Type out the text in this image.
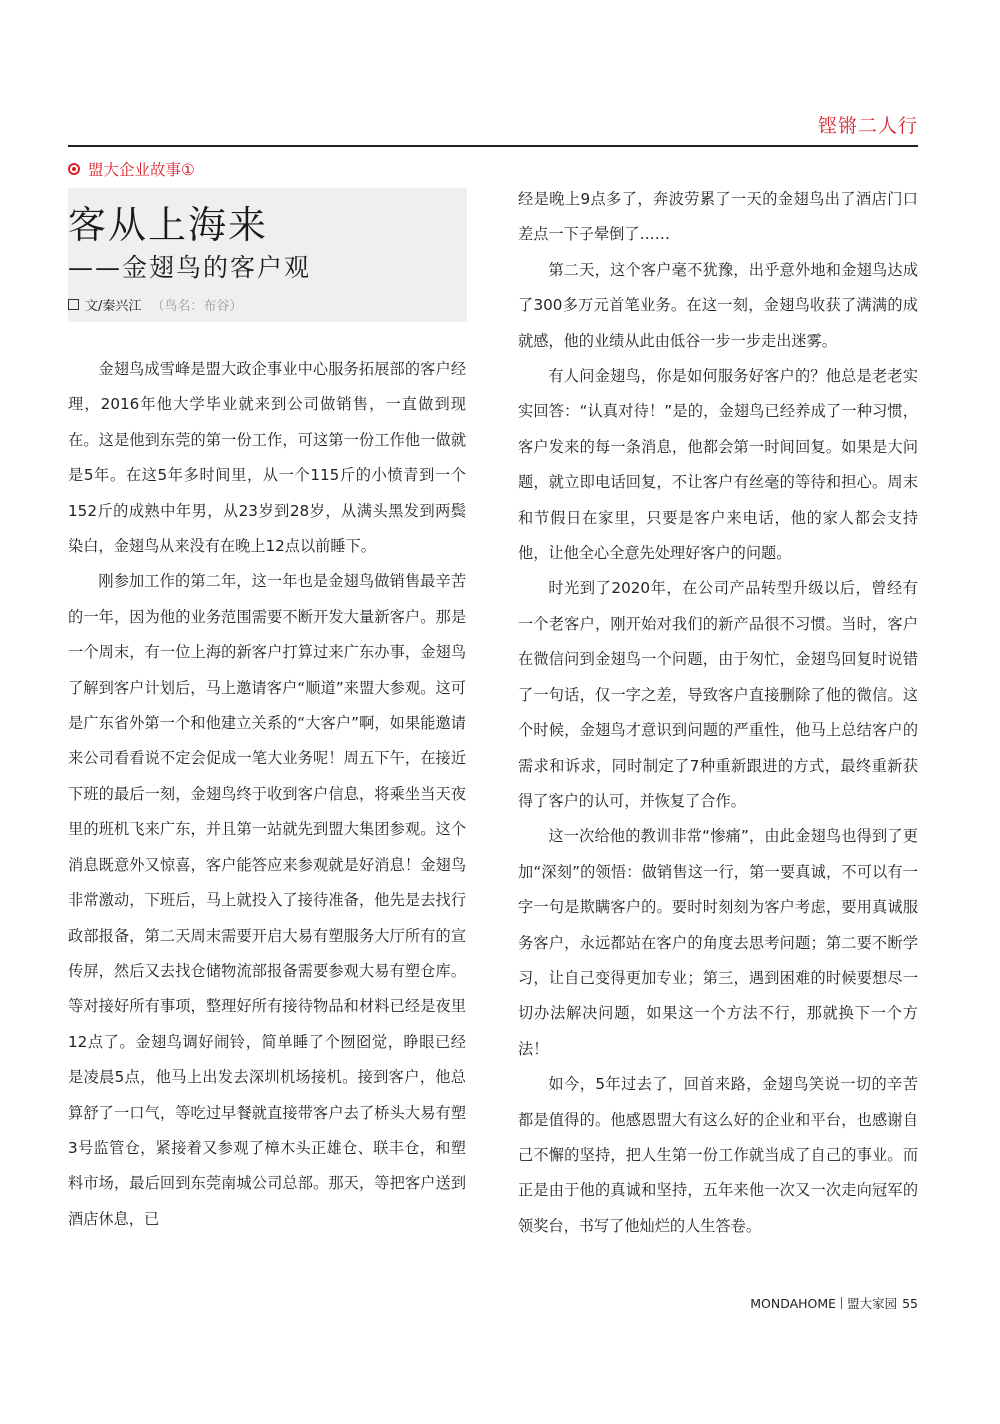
铿锵二人行
盟大企业故事①
客从上海来
——金翅鸟的客户观
文/秦兴江 （鸟名：布谷）

金翅鸟成雪峰是盟大政企事业中心服务拓展部的客户经理，2016年他大学毕业就来到公司做销售，一直做到现在。这是他到东莞的第一份工作，可这第一份工作他一做就是5年。在这5年多时间里，从一个115斤的小愤青到一个152斤的成熟中年男，从23岁到28岁，从满头黑发到两鬓染白，金翅鸟从来没有在晚上12点以前睡下。

刚参加工作的第二年，这一年也是金翅鸟做销售最辛苦的一年，因为他的业务范围需要不断开发大量新客户。那是一个周末，有一位上海的新客户打算过来广东办事，金翅鸟了解到客户计划后，马上邀请客户“顺道”来盟大参观。这可是广东省外第一个和他建立关系的“大客户”啊，如果能邀请来公司看看说不定会促成一笔大业务呢！周五下午，在接近下班的最后一刻，金翅鸟终于收到客户信息，将乘坐当天夜里的班机飞来广东，并且第一站就先到盟大集团参观。这个消息既意外又惊喜，客户能答应来参观就是好消息！金翅鸟非常激动，下班后，马上就投入了接待准备，他先是去找行政部报备，第二天周末需要开启大易有塑服务大厅所有的宣传屏，然后又去找仓储物流部报备需要参观大易有塑仓库。等对接好所有事项，整理好所有接待物品和材料已经是夜里12点了。金翅鸟调好闹铃，简单睡了个囫囵觉，睁眼已经是凌晨5点，他马上出发去深圳机场接机。接到客户，他总算舒了一口气，等吃过早餐就直接带客户去了桥头大易有塑3号监管仓，紧接着又参观了樟木头正雄仓、联丰仓，和塑料市场，最后回到东莞南城公司总部。那天，等把客户送到酒店休息，已

经是晚上9点多了，奔波劳累了一天的金翅鸟出了酒店门口差点一下子晕倒了……

第二天，这个客户毫不犹豫，出乎意外地和金翅鸟达成了300多万元首笔业务。在这一刻，金翅鸟收获了满满的成就感，他的业绩从此由低谷一步一步走出迷雾。

有人问金翅鸟，你是如何服务好客户的？他总是老老实实回答：“认真对待！”是的，金翅鸟已经养成了一种习惯，客户发来的每一条消息，他都会第一时间回复。如果是大问题，就立即电话回复，不让客户有丝毫的等待和担心。周末和节假日在家里，只要是客户来电话，他的家人都会支持他，让他全心全意先处理好客户的问题。

时光到了2020年，在公司产品转型升级以后，曾经有一个老客户，刚开始对我们的新产品很不习惯。当时，客户在微信问到金翅鸟一个问题，由于匆忙，金翅鸟回复时说错了一句话，仅一字之差，导致客户直接删除了他的微信。这个时候，金翅鸟才意识到问题的严重性，他马上总结客户的需求和诉求，同时制定了7种重新跟进的方式，最终重新获得了客户的认可，并恢复了合作。

这一次给他的教训非常“惨痛”，由此金翅鸟也得到了更加“深刻”的领悟：做销售这一行，第一要真诚，不可以有一字一句是欺瞒客户的。要时时刻刻为客户考虑，要用真诚服务客户，永远都站在客户的角度去思考问题；第二要不断学习，让自己变得更加专业；第三，遇到困难的时候要想尽一切办法解决问题，如果这一个方法不行，那就换下一个方法！

如今，5年过去了，回首来路，金翅鸟笑说一切的辛苦都是值得的。他感恩盟大有这么好的企业和平台，也感谢自己不懈的坚持，把人生第一份工作就当成了自己的事业。而正是由于他的真诚和坚持，五年来他一次又一次走向冠军的领奖台，书写了他灿烂的人生答卷。

MONDAHOME 盟大家园 55
